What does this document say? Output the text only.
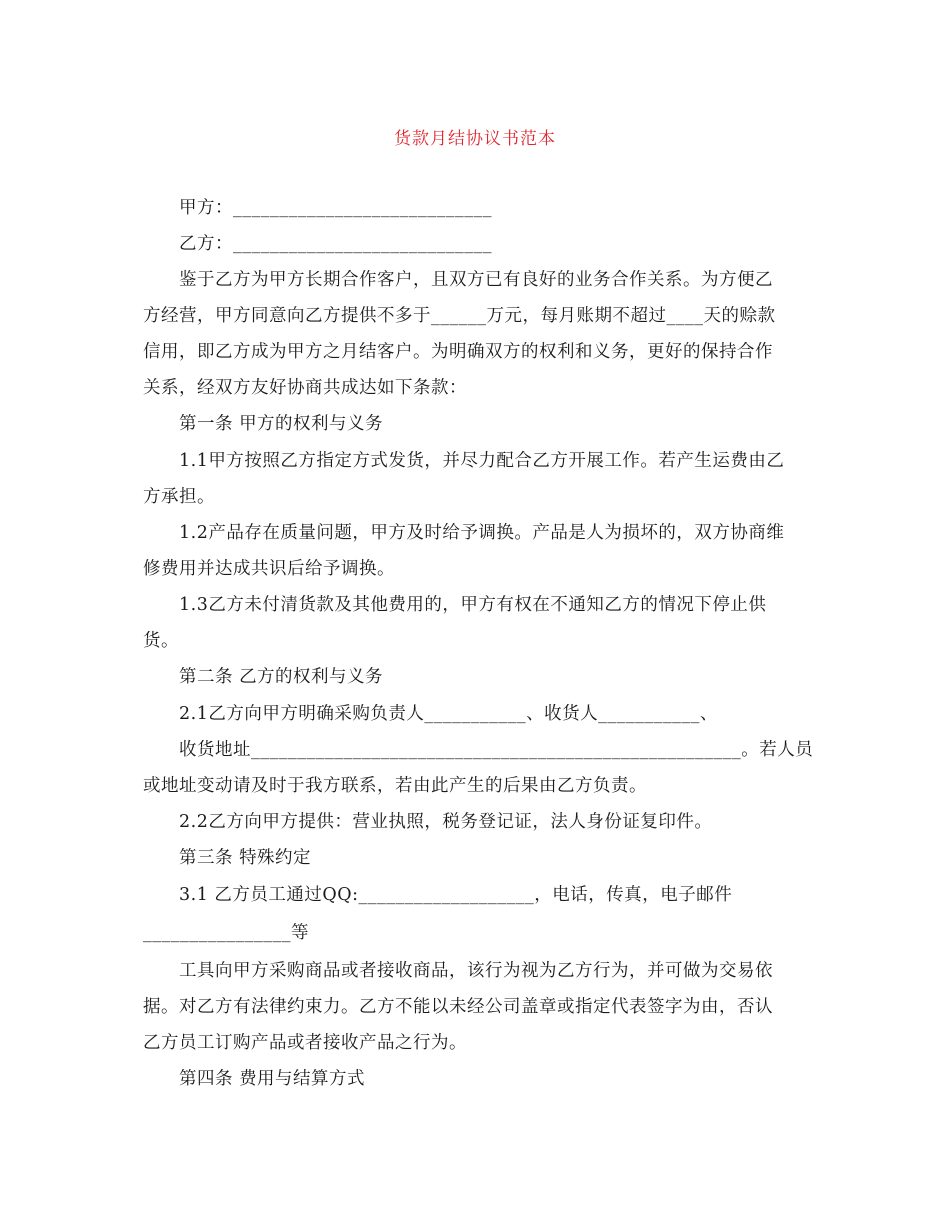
货款月结协议书范本
甲方：____________________________
乙方：____________________________
鉴于乙方为甲方长期合作客户，且双方已有良好的业务合作关系。为方便乙
方经营，甲方同意向乙方提供不多于______万元，每月账期不超过____天的赊款
信用，即乙方成为甲方之月结客户。为明确双方的权利和义务，更好的保持合作
关系，经双方友好协商共成达如下条款：
第一条 甲方的权利与义务
1.1甲方按照乙方指定方式发货，并尽力配合乙方开展工作。若产生运费由乙
方承担。
1.2产品存在质量问题，甲方及时给予调换。产品是人为损坏的，双方协商维
修费用并达成共识后给予调换。
1.3乙方未付清货款及其他费用的，甲方有权在不通知乙方的情况下停止供
货。
第二条 乙方的权利与义务
2.1乙方向甲方明确采购负责人___________、收货人___________、
收货地址_____________________________________________________。若人员
或地址变动请及时于我方联系，若由此产生的后果由乙方负责。
2.2乙方向甲方提供：营业执照，税务登记证，法人身份证复印件。
第三条 特殊约定
3.1 乙方员工通过QQ:___________________，电话，传真，电子邮件
________________等
工具向甲方采购商品或者接收商品，该行为视为乙方行为，并可做为交易依
据。对乙方有法律约束力。乙方不能以未经公司盖章或指定代表签字为由，否认
乙方员工订购产品或者接收产品之行为。
第四条 费用与结算方式
